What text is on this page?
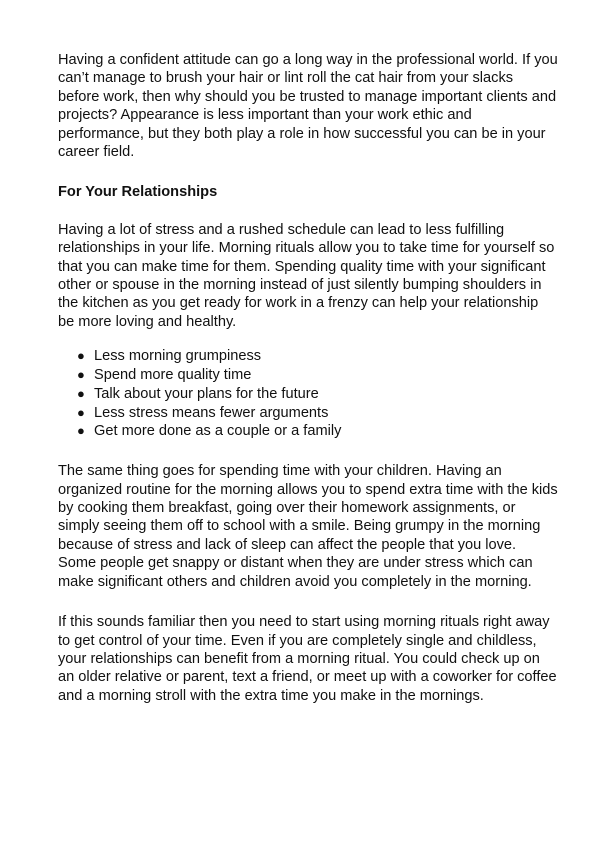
Having a confident attitude can go a long way in the professional world. If you can’t manage to brush your hair or lint roll the cat hair from your slacks before work, then why should you be trusted to manage important clients and projects? Appearance is less important than your work ethic and performance, but they both play a role in how successful you can be in your career field.

For Your Relationships

Having a lot of stress and a rushed schedule can lead to less fulfilling relationships in your life. Morning rituals allow you to take time for yourself so that you can make time for them. Spending quality time with your significant other or spouse in the morning instead of just silently bumping shoulders in the kitchen as you get ready for work in a frenzy can help your relationship be more loving and healthy.

● Less morning grumpiness
● Spend more quality time
● Talk about your plans for the future
● Less stress means fewer arguments
● Get more done as a couple or a family

The same thing goes for spending time with your children. Having an organized routine for the morning allows you to spend extra time with the kids by cooking them breakfast, going over their homework assignments, or simply seeing them off to school with a smile. Being grumpy in the morning because of stress and lack of sleep can affect the people that you love. Some people get snappy or distant when they are under stress which can make significant others and children avoid you completely in the morning.

If this sounds familiar then you need to start using morning rituals right away to get control of your time. Even if you are completely single and childless, your relationships can benefit from a morning ritual. You could check up on an older relative or parent, text a friend, or meet up with a coworker for coffee and a morning stroll with the extra time you make in the mornings.
